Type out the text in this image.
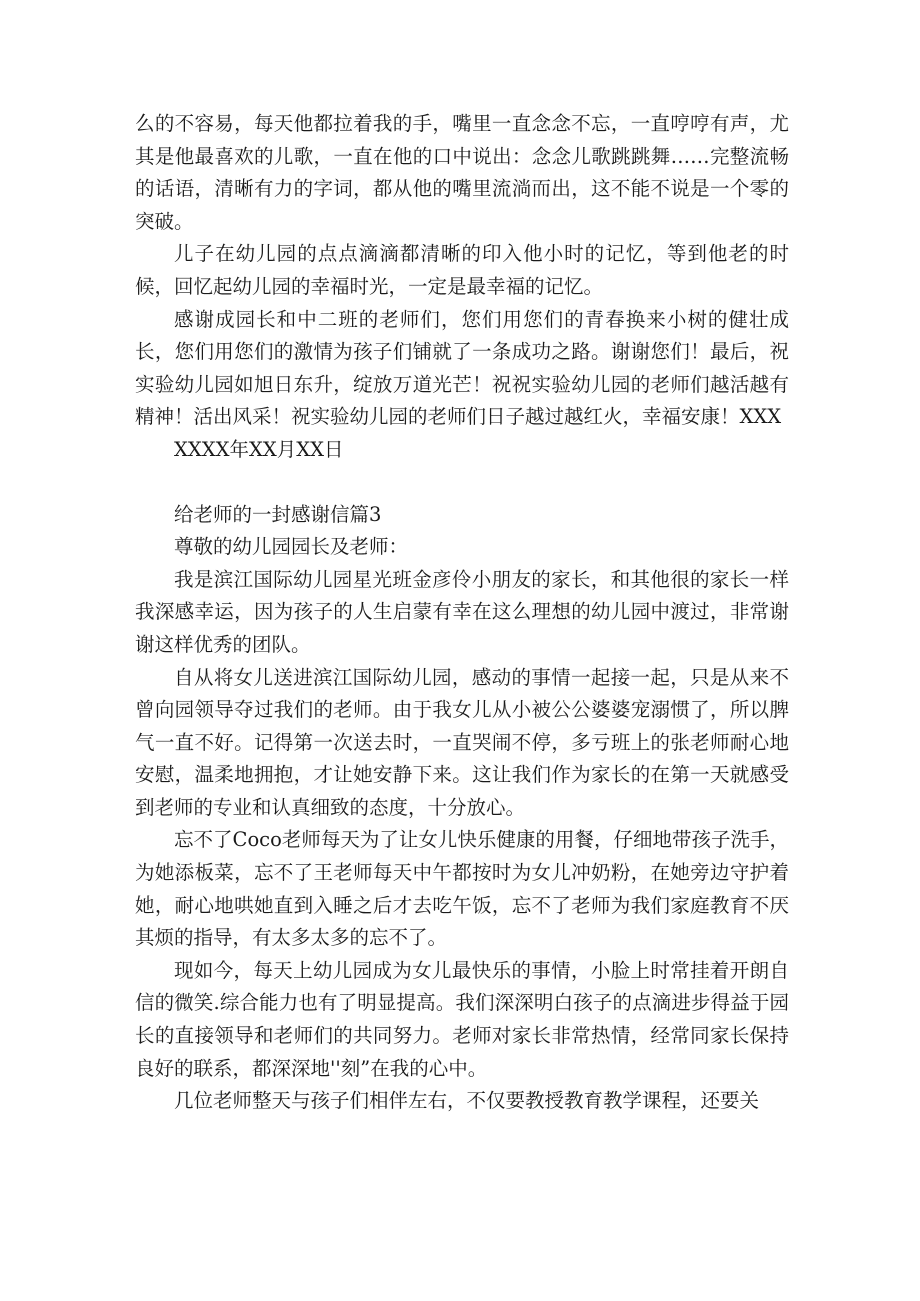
么的不容易，每天他都拉着我的手，嘴里一直念念不忘，一直哼哼有声，尤其是他最喜欢的儿歌，一直在他的口中说出：念念儿歌跳跳舞……完整流畅的话语，清晰有力的字词，都从他的嘴里流淌而出，这不能不说是一个零的突破。

儿子在幼儿园的点点滴滴都清晰的印入他小时的记忆，等到他老的时候，回忆起幼儿园的幸福时光，一定是最幸福的记忆。

感谢成园长和中二班的老师们，您们用您们的青春换来小树的健壮成长，您们用您们的激情为孩子们铺就了一条成功之路。谢谢您们！最后，祝实验幼儿园如旭日东升，绽放万道光芒！祝祝实验幼儿园的老师们越活越有精神！活出风采！祝实验幼儿园的老师们日子越过越红火，幸福安康！XXX

XXXX年XX月XX日

给老师的一封感谢信篇3

尊敬的幼儿园园长及老师：

我是滨江国际幼儿园星光班金彦伶小朋友的家长，和其他很的家长一样我深感幸运，因为孩子的人生启蒙有幸在这么理想的幼儿园中渡过，非常谢谢这样优秀的团队。

自从将女儿送进滨江国际幼儿园，感动的事情一起接一起，只是从来不曾向园领导夺过我们的老师。由于我女儿从小被公公婆婆宠溺惯了，所以脾气一直不好。记得第一次送去时，一直哭闹不停，多亏班上的张老师耐心地安慰，温柔地拥抱，才让她安静下来。这让我们作为家长的在第一天就感受到老师的专业和认真细致的态度，十分放心。

忘不了Coco老师每天为了让女儿快乐健康的用餐，仔细地带孩子洗手，为她添板菜，忘不了王老师每天中午都按时为女儿冲奶粉，在她旁边守护着她，耐心地哄她直到入睡之后才去吃午饭，忘不了老师为我们家庭教育不厌其烦的指导，有太多太多的忘不了。

现如今，每天上幼儿园成为女儿最快乐的事情，小脸上时常挂着开朗自信的微笑.综合能力也有了明显提高。我们深深明白孩子的点滴进步得益于园长的直接领导和老师们的共同努力。老师对家长非常热情，经常同家长保持良好的联系，都深深地''刻”在我的心中。

几位老师整天与孩子们相伴左右，不仅要教授教育教学课程，还要关
